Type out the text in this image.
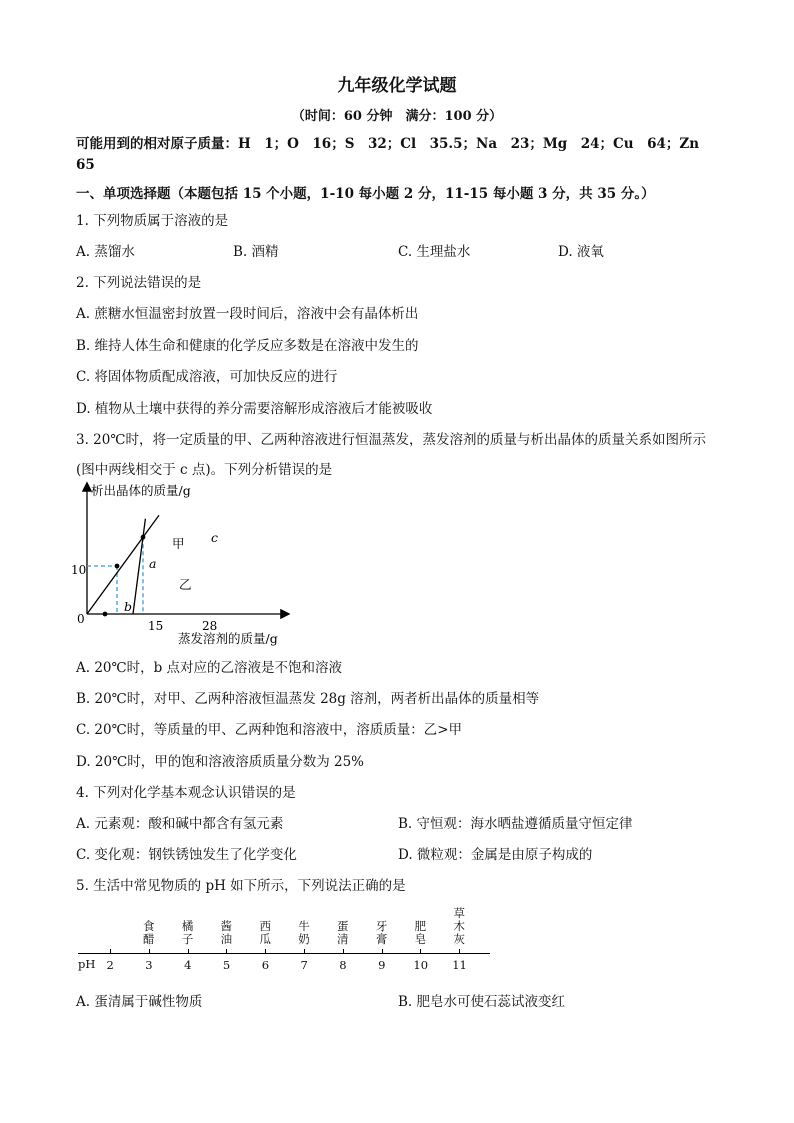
九年级化学试题
（时间：60 分钟　满分：100 分）
可能用到的相对原子质量：H　1；O　16；S　32；Cl　35.5；Na　23；Mg　24；Cu　64；Zn
65
一、单项选择题（本题包括 15 个小题，1-10 每小题 2 分，11-15 每小题 3 分，共 35 分。）
1. 下列物质属于溶液的是
A. 蒸馏水	B. 酒精	C. 生理盐水	D. 液氧
2. 下列说法错误的是
A. 蔗糖水恒温密封放置一段时间后，溶液中会有晶体析出
B. 维持人体生命和健康的化学反应多数是在溶液中发生的
C. 将固体物质配成溶液，可加快反应的进行
D. 植物从土壤中获得的养分需要溶解形成溶液后才能被吸收
3. 20℃时，将一定质量的甲、乙两种溶液进行恒温蒸发，蒸发溶剂的质量与析出晶体的质量关系如图所示
(图中两线相交于 c 点)。下列分析错误的是
析出晶体的质量/g
蒸发溶剂的质量/g
0
10
15	28
甲
乙
a
b
c
A. 20℃时，b 点对应的乙溶液是不饱和溶液
B. 20℃时，对甲、乙两种溶液恒温蒸发 28g 溶剂，两者析出晶体的质量相等
C. 20℃时，等质量的甲、乙两种饱和溶液中，溶质质量：乙>甲
D. 20℃时，甲的饱和溶液溶质质量分数为 25%
4. 下列对化学基本观念认识错误的是
A. 元素观：酸和碱中都含有氢元素	B. 守恒观：海水晒盐遵循质量守恒定律
C. 变化观：钢铁锈蚀发生了化学变化	D. 微粒观：金属是由原子构成的
5. 生活中常见物质的 pH 如下所示，下列说法正确的是
pH 2	3	4	5	6	7	8	9 10 11
食醋
橘子
酱油
西瓜
牛奶
蛋清
牙膏
肥皂
草木灰
A. 蛋清属于碱性物质	B. 肥皂水可使石蕊试液变红
